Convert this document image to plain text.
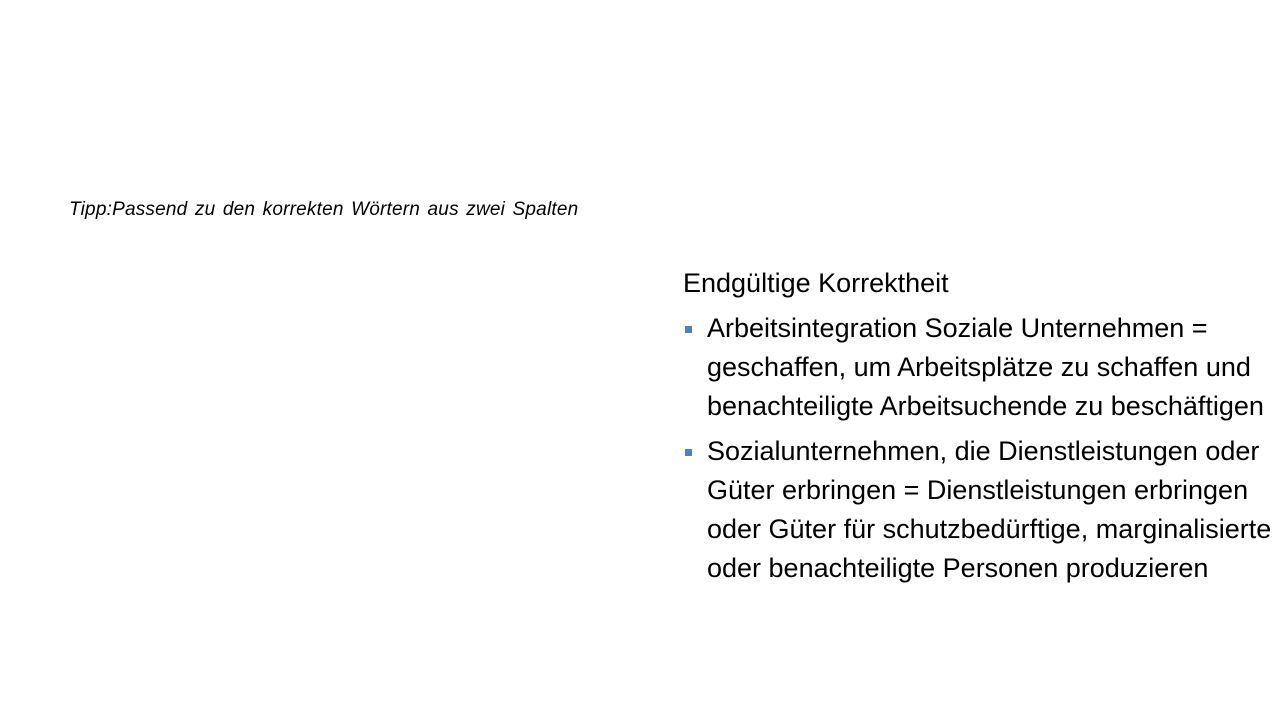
Tipp:Passend zu den korrekten Wörtern aus zwei Spalten
Endgültige Korrektheit
Arbeitsintegration Soziale Unternehmen = geschaffen, um Arbeitsplätze zu schaffen und benachteiligte Arbeitsuchende zu beschäftigen
Sozialunternehmen, die Dienstleistungen oder Güter erbringen = Dienstleistungen erbringen oder Güter für schutzbedürftige, marginalisierte oder benachteiligte Personen produzieren
